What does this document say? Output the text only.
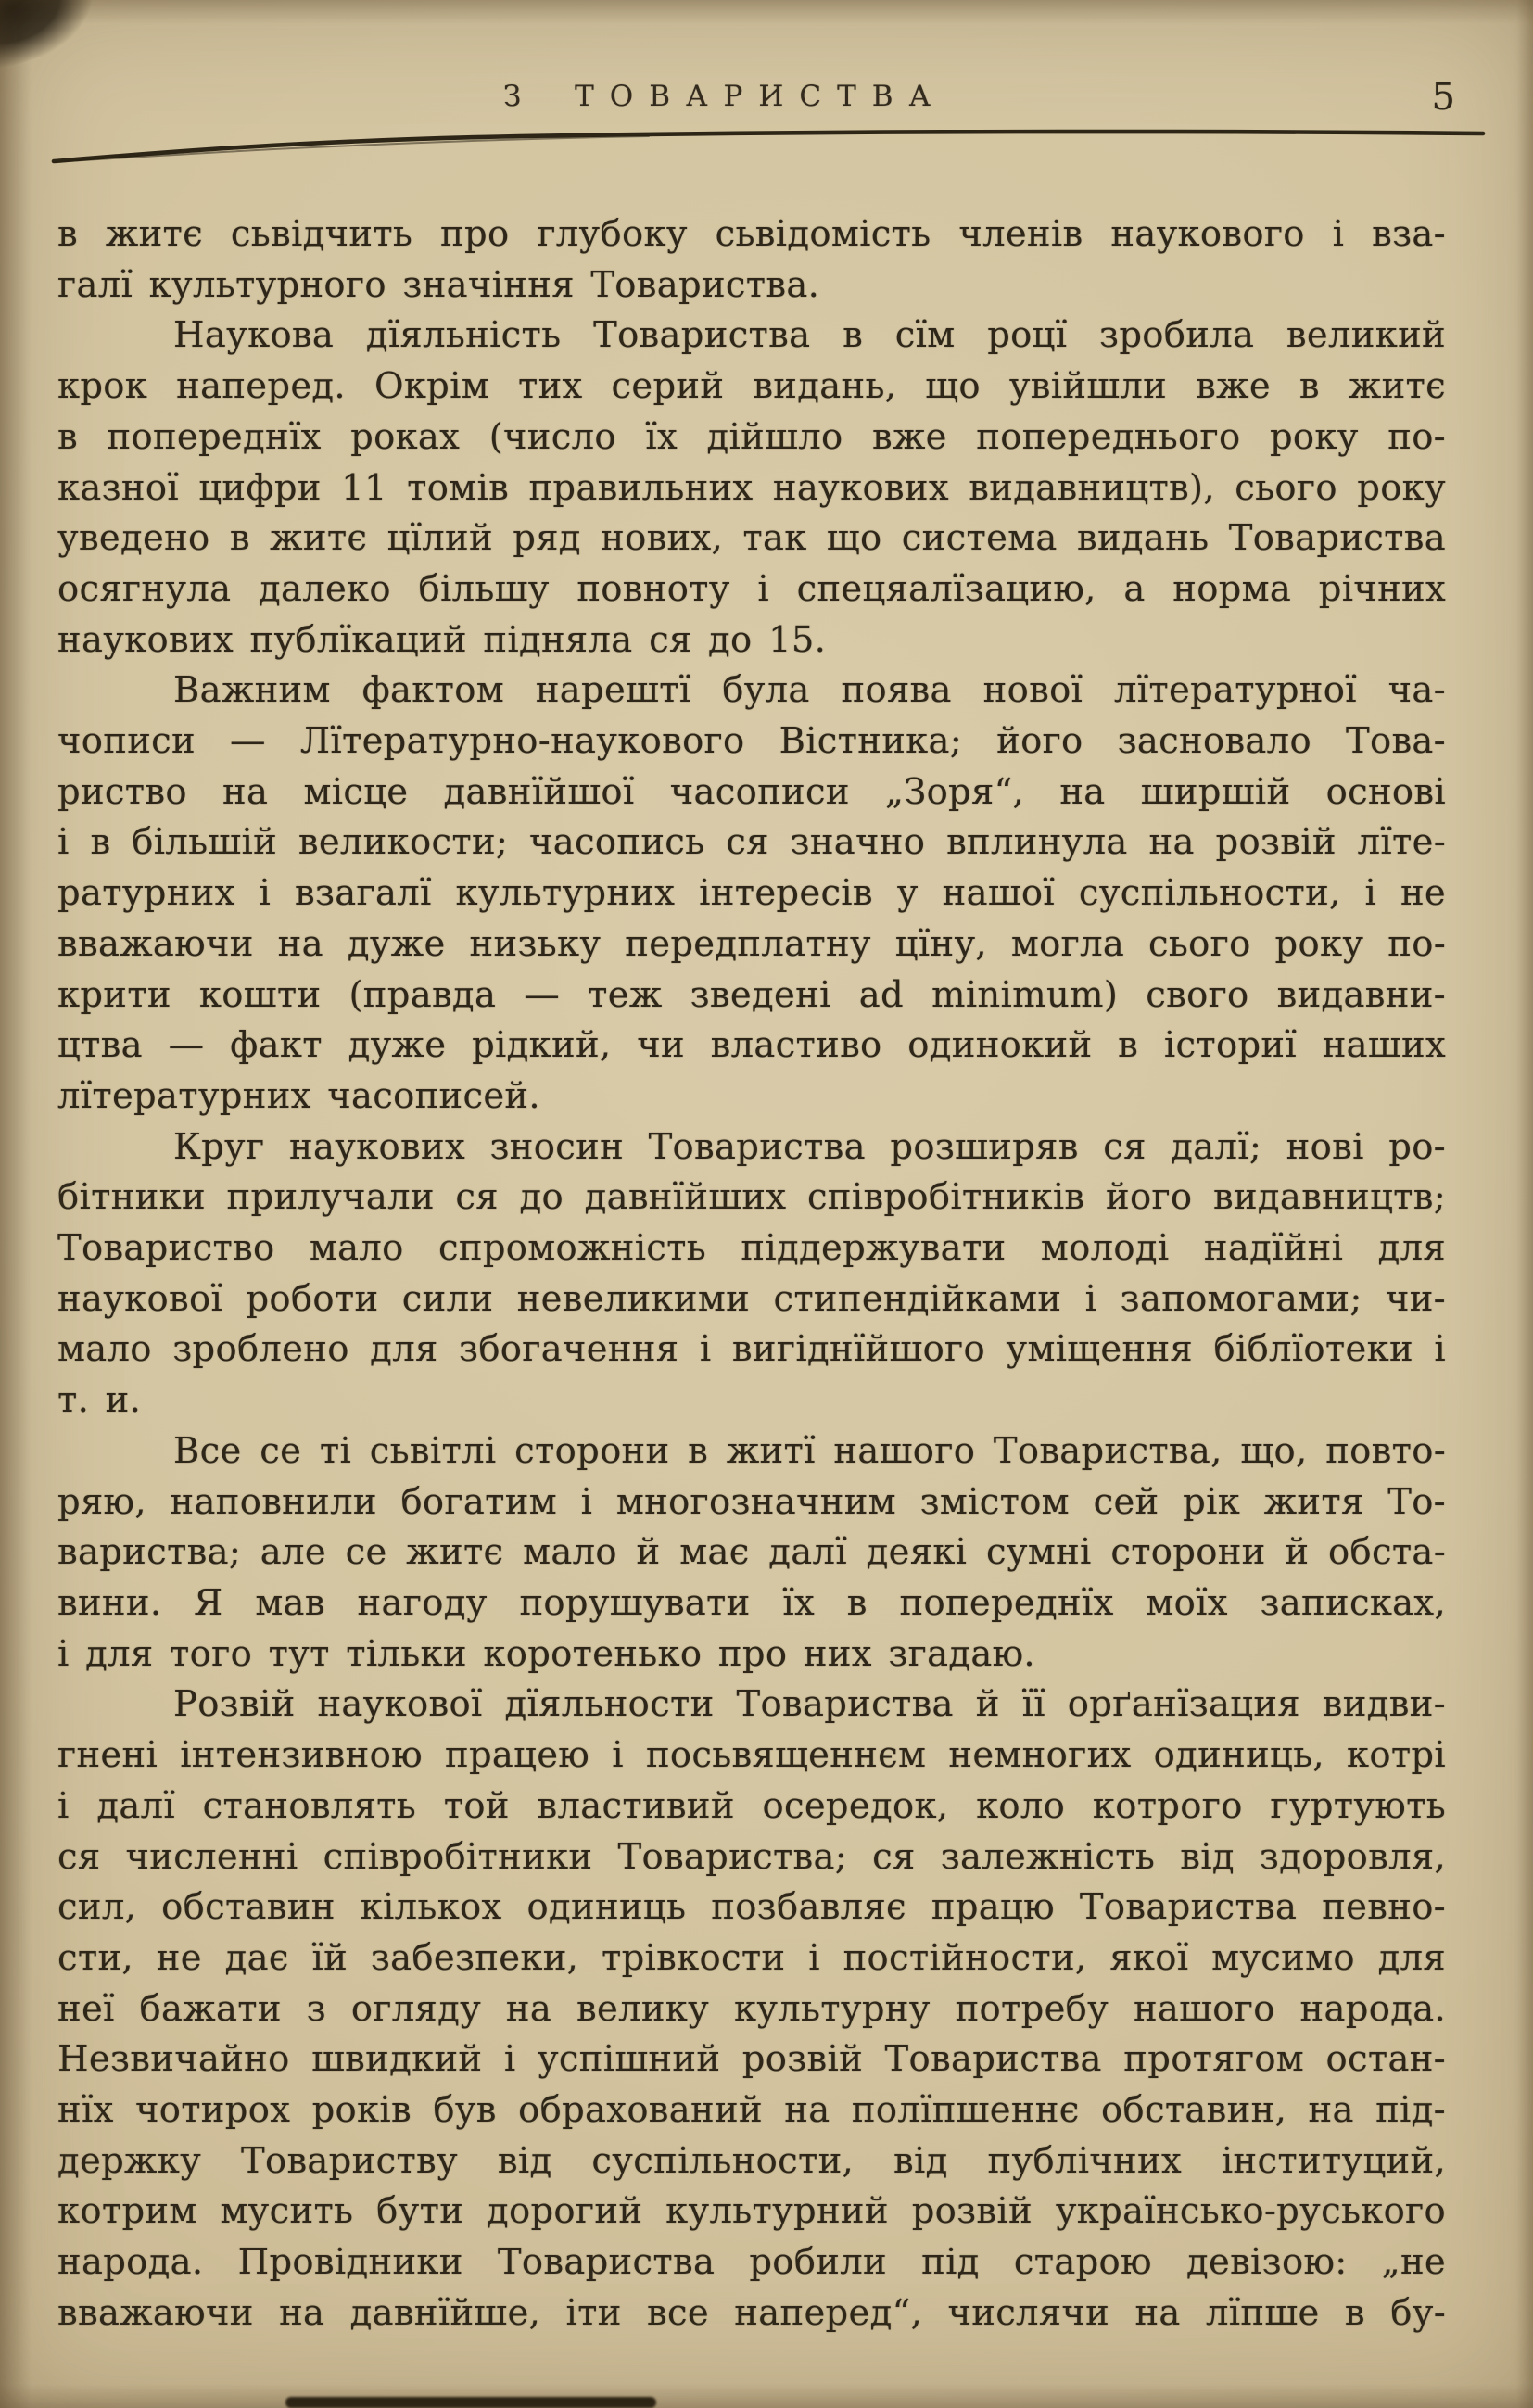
З ТОВАРИСТВА	5
в житє сьвідчить про глубоку сьвідомість членів наукового і вза-
галї культурного значіння Товариства.
Наукова дїяльність Товариства в сїм роцї зробила великий
крок наперед. Окрім тих серий видань, що увійшли вже в житє
в попереднїх роках (число їх дійшло вже попереднього року по-
казної цифри 11 томів правильних наукових видавництв), сього року
уведено в житє цїлий ряд нових, так що система видань Товариства
осягнула далеко більшу повноту і спецяалїзацию, а норма річних
наукових публїкаций підняла ся до 15.
Важним фактом нарештї була поява нової лїтературної ча-
чописи — Лїтературно-наукового Вістника; його засновало Това-
риство на місце давнїйшої часописи „Зоря“, на ширшій основі
і в більшій великости; часопись ся значно вплинула на розвій лїте-
ратурних і взагалї культурних інтересів у нашої суспільности, і не
вважаючи на дуже низьку передплатну цїну, могла сього року по-
крити кошти (правда — теж зведені ad minimum) свого видавни-
цтва — факт дуже рідкий, чи властиво одинокий в істориї наших
лїтературних часописей.
Круг наукових зносин Товариства розширяв ся далї; нові ро-
бітники прилучали ся до давнїйших співробітників його видавництв;
Товариство мало спроможність піддержувати молоді надїйні для
наукової роботи сили невеликими стипендійками і запомогами; чи-
мало зроблено для збогачення і вигіднїйшого уміщення біблїотеки і т. и.
Все се ті сьвітлі сторони в житї нашого Товариства, що, повто-
ряю, наповнили богатим і многозначним змістом сей рік житя То-
вариства; але се житє мало й має далї деякі сумні сторони й обста-
вини. Я мав нагоду порушувати їх в попереднїх моїх записках,
і для того тут тільки коротенько про них згадаю.
Розвій наукової дїяльности Товариства й її орґанїзация видви-
гнені інтензивною працею і посьвященнєм немногих одиниць, котрі
і далї становлять той властивий осередок, коло котрого гуртують
ся численні співробітники Товариства; ся залежність від здоровля,
сил, обставин кількох одиниць позбавляє працю Товариства певно-
сти, не дає їй забезпеки, трівкости і постійности, якої мусимо для
неї бажати з огляду на велику культурну потребу нашого народа.
Незвичайно швидкий і успішний розвій Товариства протягом остан-
нїх чотирох років був обрахований на полїпшеннє обставин, на під-
держку Товариству від суспільности, від публічних інституций,
котрим мусить бути дорогий культурний розвій українсько-руського
народа. Провідники Товариства робили під старою девізою: „не
вважаючи на давнїйше, іти все наперед“, числячи на лїпше в бу-
